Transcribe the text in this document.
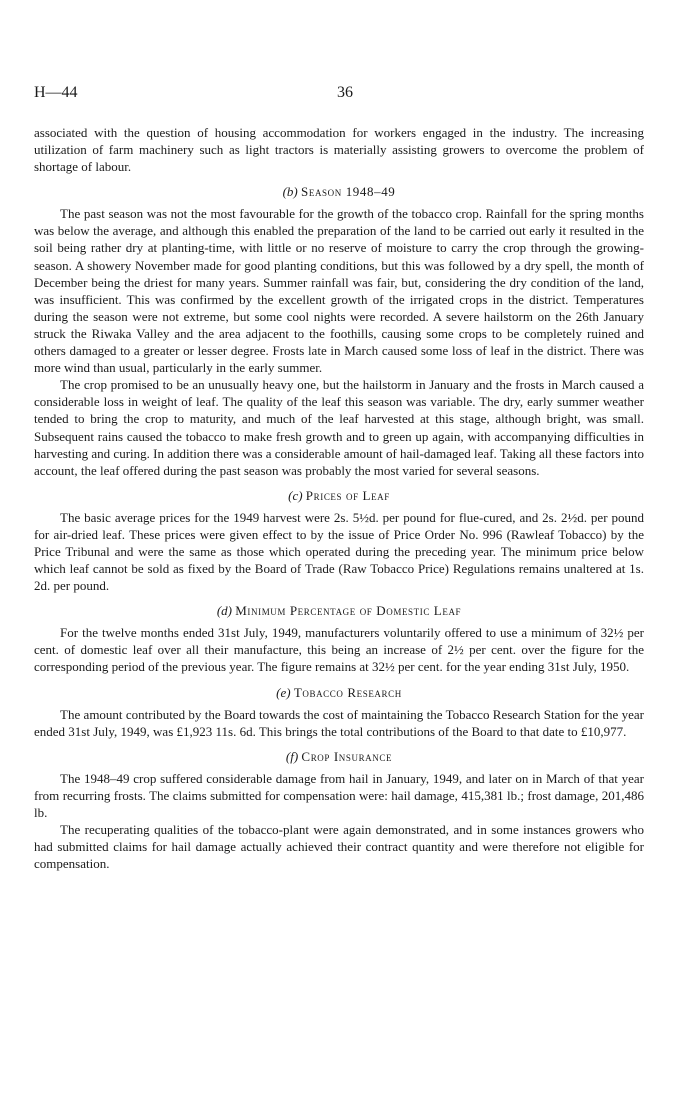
H—44	36

associated with the question of housing accommodation for workers engaged in the industry. The increasing utilization of farm machinery such as light tractors is materially assisting growers to overcome the problem of shortage of labour.

(b) Season 1948–49

The past season was not the most favourable for the growth of the tobacco crop. Rainfall for the spring months was below the average, and although this enabled the preparation of the land to be carried out early it resulted in the soil being rather dry at planting-time, with little or no reserve of moisture to carry the crop through the growing-season. A showery November made for good planting conditions, but this was followed by a dry spell, the month of December being the driest for many years. Summer rainfall was fair, but, considering the dry condition of the land, was insufficient. This was confirmed by the excellent growth of the irrigated crops in the district. Temperatures during the season were not extreme, but some cool nights were recorded. A severe hailstorm on the 26th January struck the Riwaka Valley and the area adjacent to the foothills, causing some crops to be completely ruined and others damaged to a greater or lesser degree. Frosts late in March caused some loss of leaf in the district. There was more wind than usual, particularly in the early summer.

The crop promised to be an unusually heavy one, but the hailstorm in January and the frosts in March caused a considerable loss in weight of leaf. The quality of the leaf this season was variable. The dry, early summer weather tended to bring the crop to maturity, and much of the leaf harvested at this stage, although bright, was small. Subsequent rains caused the tobacco to make fresh growth and to green up again, with accompanying difficulties in harvesting and curing. In addition there was a considerable amount of hail-damaged leaf. Taking all these factors into account, the leaf offered during the past season was probably the most varied for several seasons.

(c) Prices of Leaf

The basic average prices for the 1949 harvest were 2s. 5½d. per pound for flue-cured, and 2s. 2½d. per pound for air-dried leaf. These prices were given effect to by the issue of Price Order No. 996 (Rawleaf Tobacco) by the Price Tribunal and were the same as those which operated during the preceding year. The minimum price below which leaf cannot be sold as fixed by the Board of Trade (Raw Tobacco Price) Regulations remains unaltered at 1s. 2d. per pound.

(d) Minimum Percentage of Domestic Leaf

For the twelve months ended 31st July, 1949, manufacturers voluntarily offered to use a minimum of 32½ per cent. of domestic leaf over all their manufacture, this being an increase of 2½ per cent. over the figure for the corresponding period of the previous year. The figure remains at 32½ per cent. for the year ending 31st July, 1950.

(e) Tobacco Research

The amount contributed by the Board towards the cost of maintaining the Tobacco Research Station for the year ended 31st July, 1949, was £1,923 11s. 6d. This brings the total contributions of the Board to that date to £10,977.

(f) Crop Insurance

The 1948–49 crop suffered considerable damage from hail in January, 1949, and later on in March of that year from recurring frosts. The claims submitted for compensation were: hail damage, 415,381 lb.; frost damage, 201,486 lb.

The recuperating qualities of the tobacco-plant were again demonstrated, and in some instances growers who had submitted claims for hail damage actually achieved their contract quantity and were therefore not eligible for compensation.
